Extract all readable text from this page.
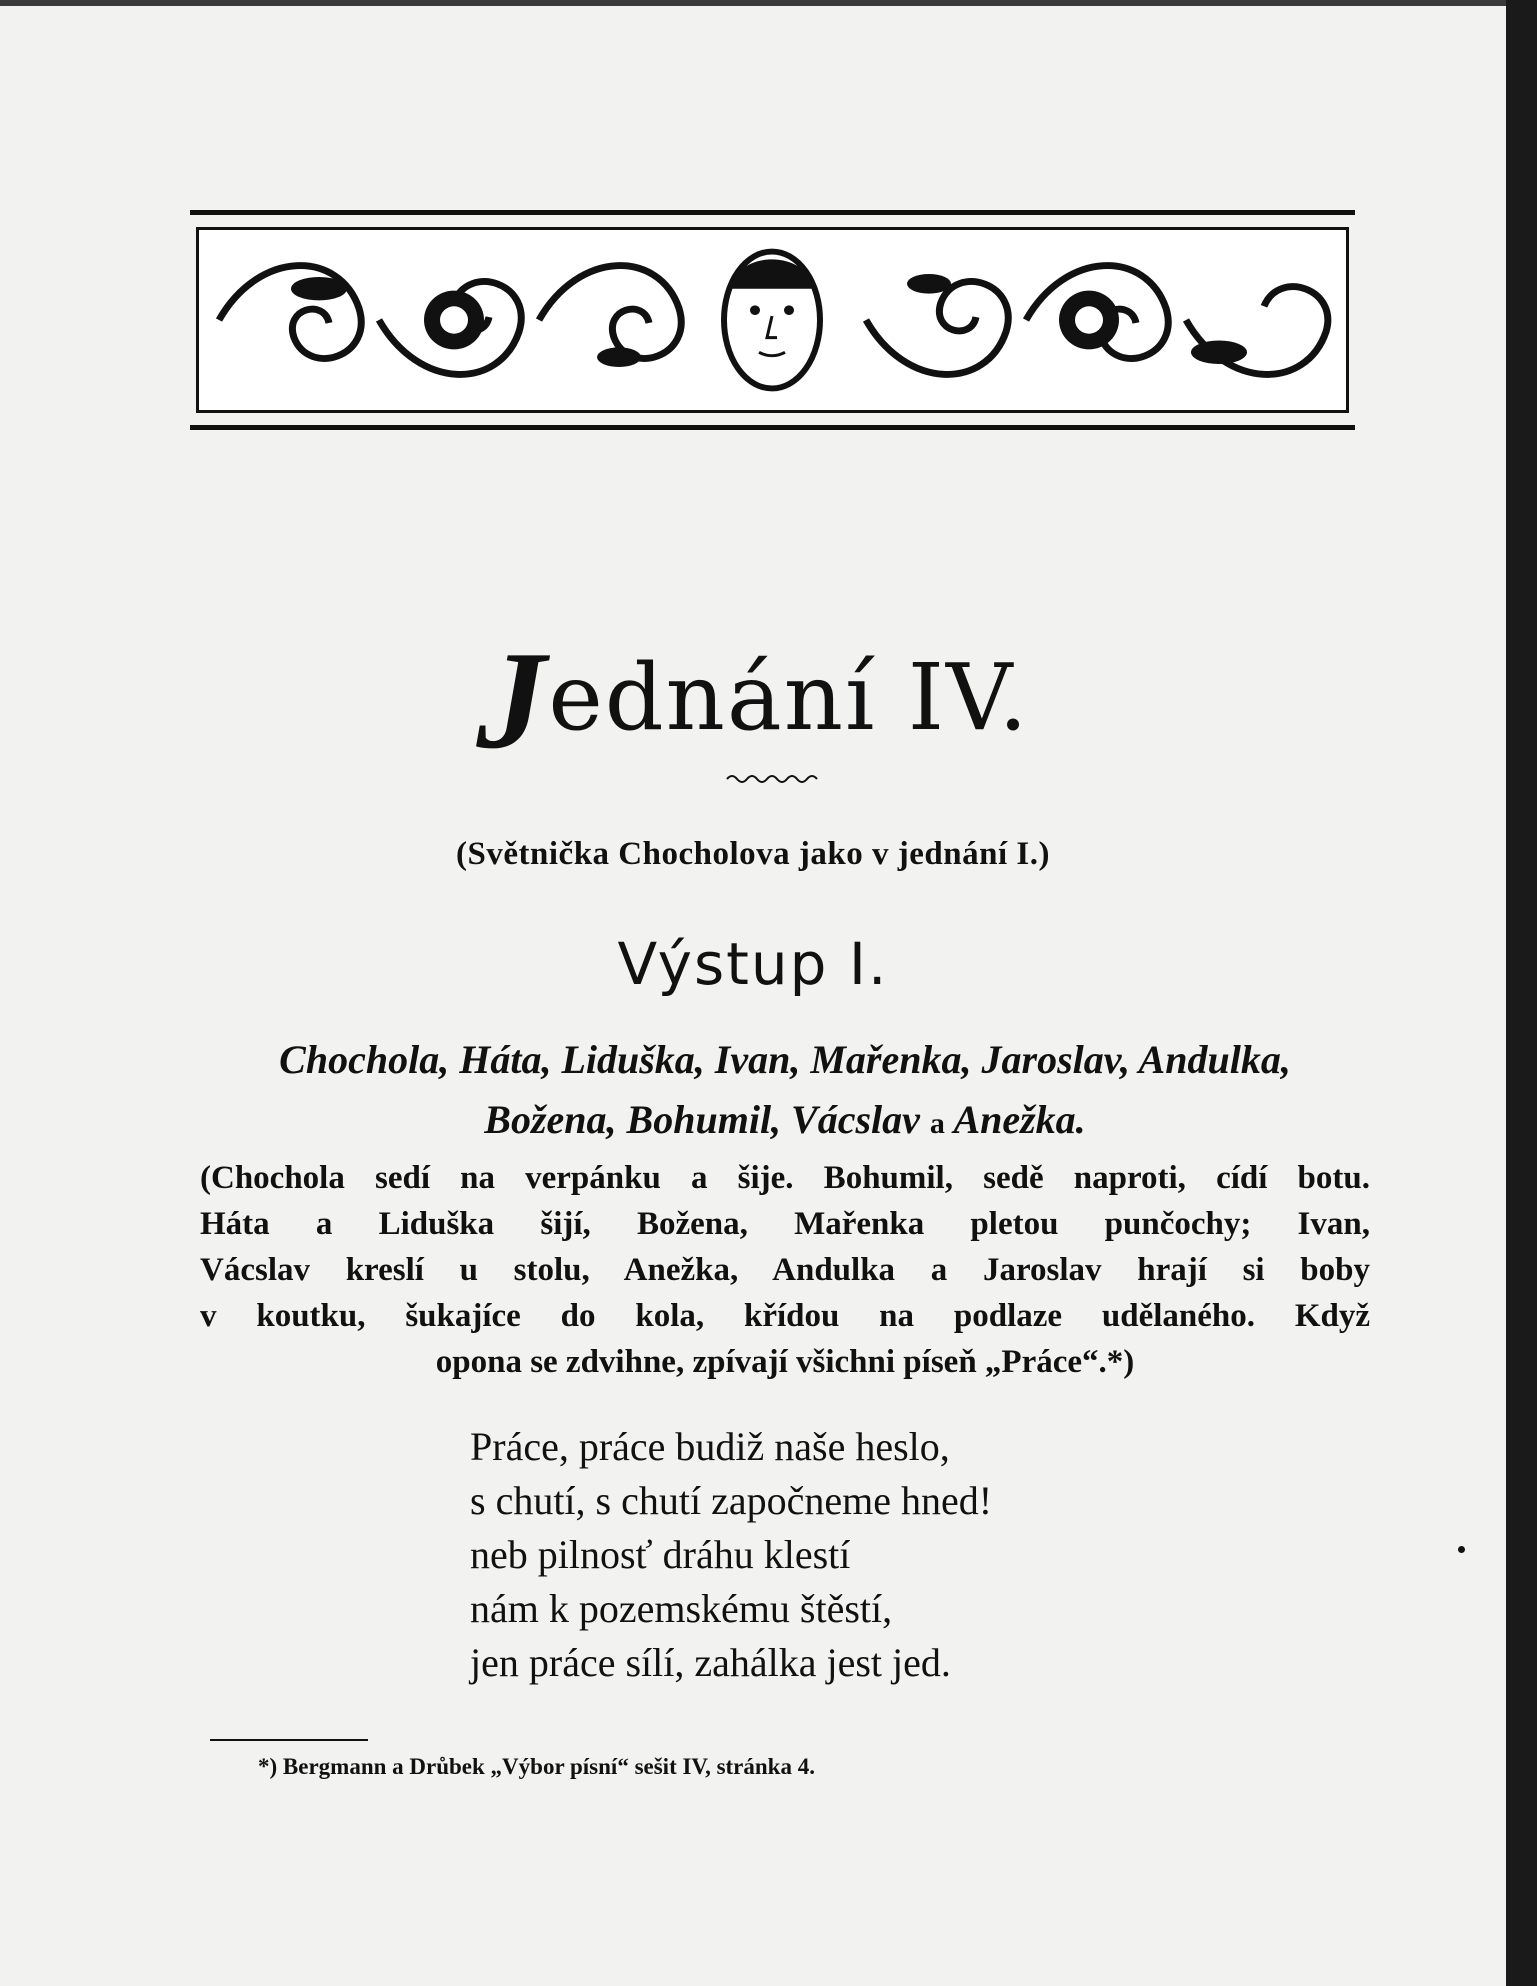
Jednání IV.
(Světnička Chocholova jako v jednání I.)
Výstup I.
Chochola, Háta, Liduška, Ivan, Mařenka, Jaroslav, Andulka,
Božena, Bohumil, Vácslav a Anežka.
(Chochola sedí na verpánku a šije. Bohumil, sedě naproti, cídí botu.
Háta a Liduška šijí, Božena, Mařenka pletou punčochy; Ivan,
Vácslav kreslí u stolu, Anežka, Andulka a Jaroslav hrají si boby
v koutku, šukajíce do kola, křídou na podlaze udělaného. Když
opona se zdvihne, zpívají všichni píseň „Práce“.*)
Práce, práce budiž naše heslo,
s chutí, s chutí započneme hned!
neb pilnosť dráhu klestí
nám k pozemskému štěstí,
jen práce sílí, zahálka jest jed.
*) Bergmann a Drůbek „Výbor písní“ sešit IV, stránka 4.
